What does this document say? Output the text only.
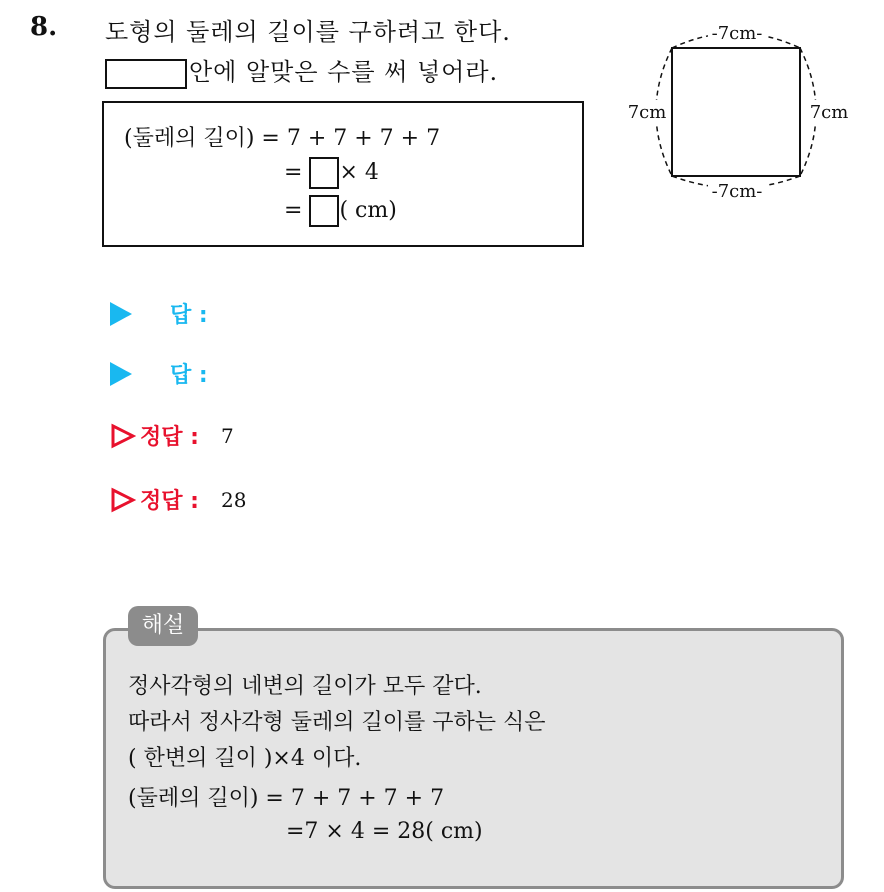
8. 도형의 둘레의 길이를 구하려고 한다.
안에 알맞은 수를 써 넣어라.
(둘레의 길이) = 7 + 7 + 7 + 7
= × 4
= ( cm)
-7cm-
-7cm-
7cm	7cm
답 :
답 :
정답 : 7
정답 : 28
정사각형의 네변의 길이가 모두 같다.
따라서 정사각형 둘레의 길이를 구하는 식은
( 한변의 길이 )×4 이다.
(둘레의 길이) = 7 + 7 + 7 + 7
=7 × 4 = 28( cm)
해설
